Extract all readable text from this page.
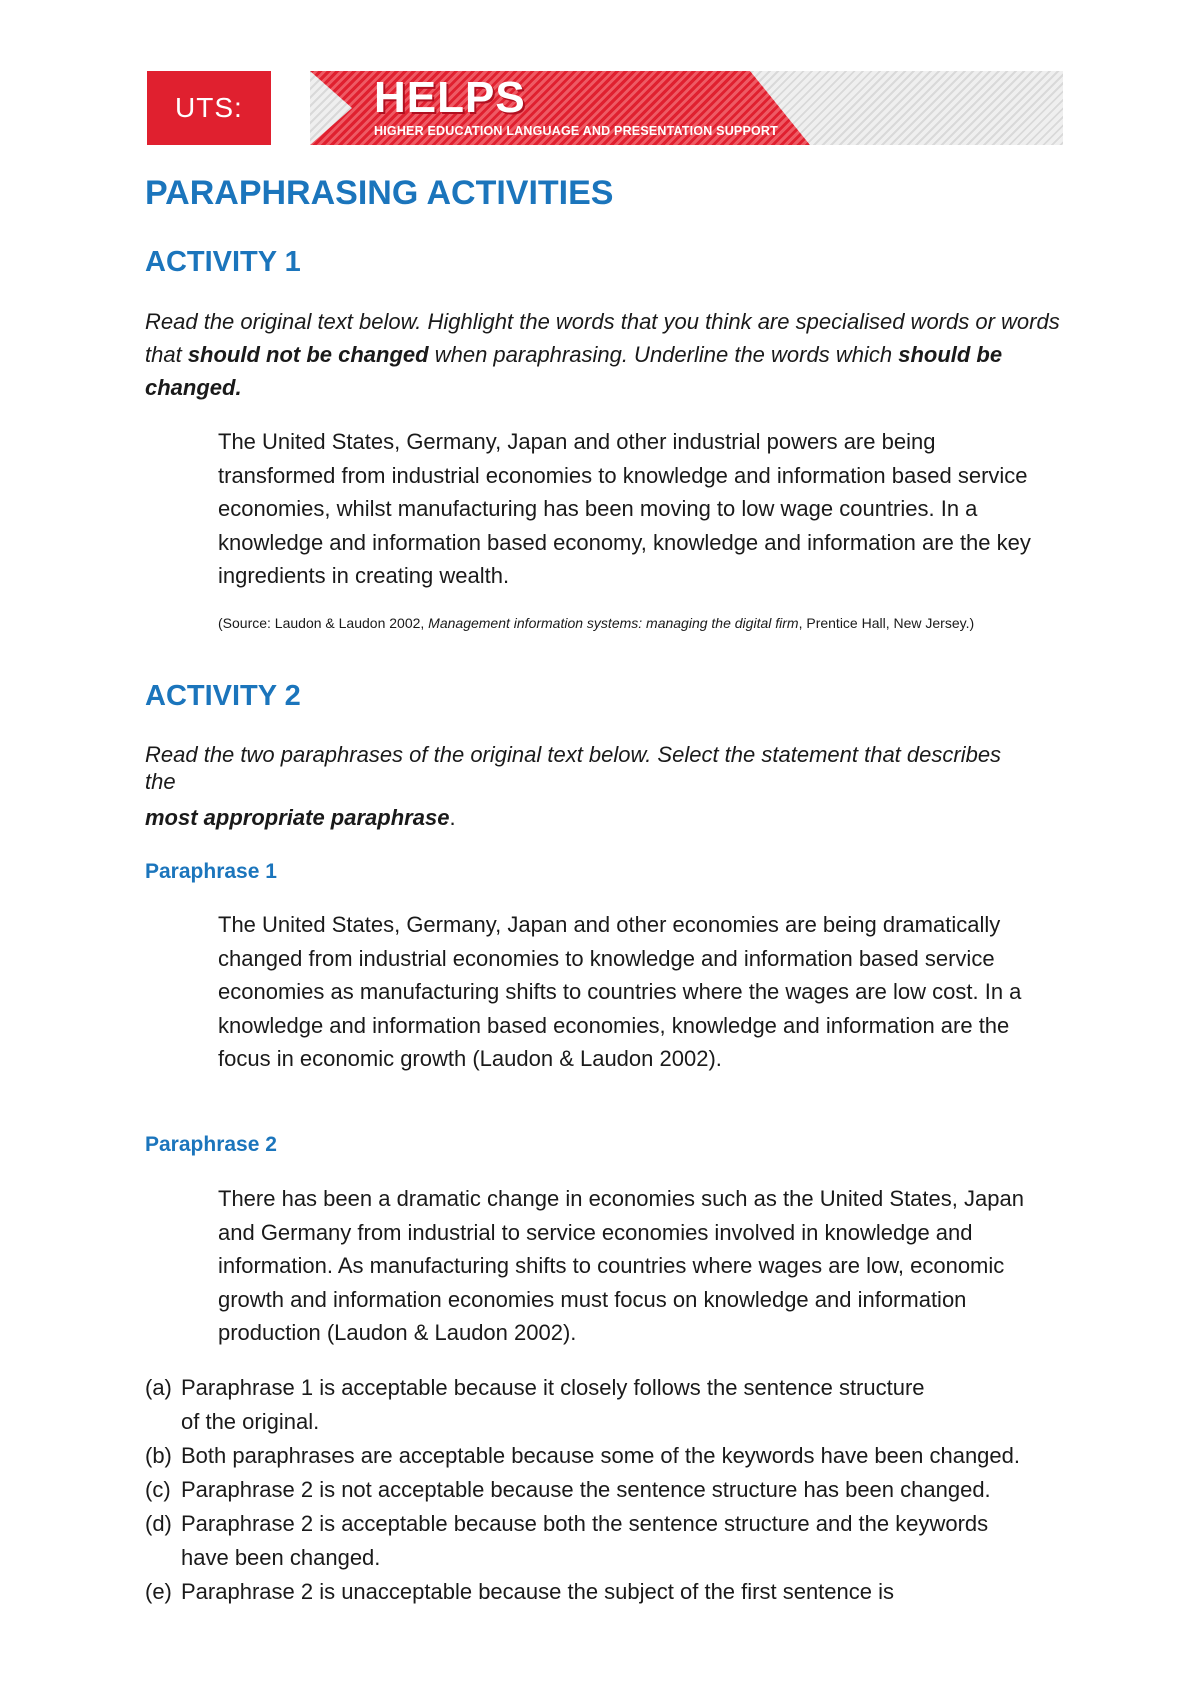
UTS:	HELPS
HIGHER EDUCATION LANGUAGE AND PRESENTATION SUPPORT
PARAPHRASING ACTIVITIES
ACTIVITY 1

Read the original text below. Highlight the words that you think are specialised words or words that should not be changed when paraphrasing. Underline the words which should be changed.

The United States, Germany, Japan and other industrial powers are being transformed from industrial economies to knowledge and information based service economies, whilst manufacturing has been moving to low wage countries. In a knowledge and information based economy, knowledge and information are the key ingredients in creating wealth.

(Source: Laudon & Laudon 2002, Management information systems: managing the digital firm, Prentice Hall, New Jersey.)

ACTIVITY 2

Read the two paraphrases of the original text below. Select the statement that describes the

most appropriate paraphrase.

Paraphrase 1

The United States, Germany, Japan and other economies are being dramatically changed from industrial economies to knowledge and information based service economies as manufacturing shifts to countries where the wages are low cost. In a knowledge and information based economies, knowledge and information are the focus in economic growth (Laudon & Laudon 2002).

Paraphrase 2

There has been a dramatic change in economies such as the United States, Japan and Germany from industrial to service economies involved in knowledge and information. As manufacturing shifts to countries where wages are low, economic growth and information economies must focus on knowledge and information production (Laudon & Laudon 2002).

(a) Paraphrase 1 is acceptable because it closely follows the sentence structure of the original.
(b) Both paraphrases are acceptable because some of the keywords have been changed.
(c) Paraphrase 2 is not acceptable because the sentence structure has been changed.
(d) Paraphrase 2 is acceptable because both the sentence structure and the keywords have been changed.
(e) Paraphrase 2 is unacceptable because the subject of the first sentence is
